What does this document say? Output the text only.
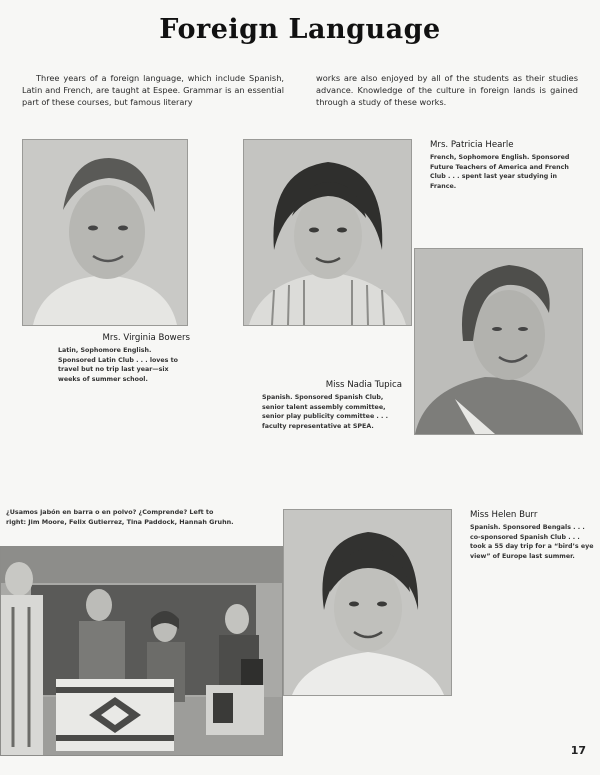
Foreign Language
Three years of a foreign language, which include Spanish, Latin and French, are taught at Espee. Grammar is an essential part of these courses, but famous literary
works are also enjoyed by all of the students as their studies advance. Knowledge of the culture in foreign lands is gained through a study of these works.
Mrs. Virginia Bowers
Latin, Sophomore English. Sponsored Latin Club . . . loves to travel but no trip last year—six weeks of summer school.
Mrs. Patricia Hearle
French, Sophomore English. Sponsored Future Teachers of America and French Club . . . spent last year studying in France.
Miss Nadia Tupica
Spanish. Sponsored Spanish Club, senior talent assembly committee, senior play publicity committee . . . faculty representative at SPEA.
¿Usamos jabón en barra o en polvo? ¿Comprende? Left to right: Jim Moore, Felix Gutierrez, Tina Paddock, Hannah Gruhn.
Miss Helen Burr
Spanish. Sponsored Bengals . . . co-sponsored Spanish Club . . . took a 55 day trip for a “bird’s eye view” of Europe last summer.
17
